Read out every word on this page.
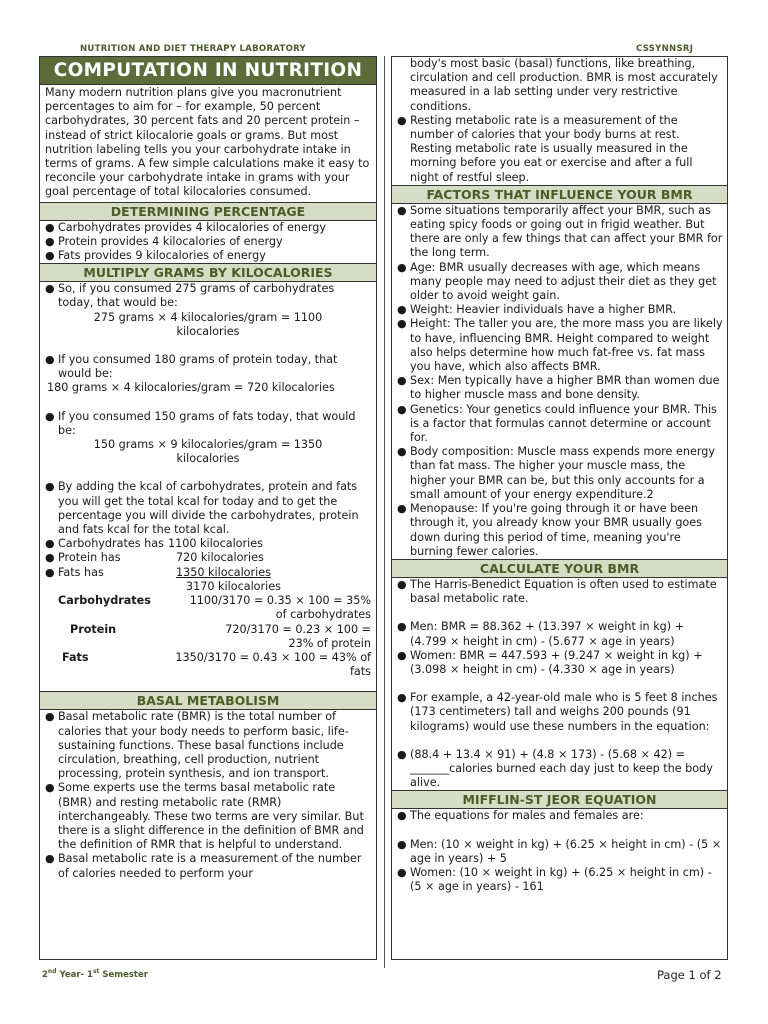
NUTRITION AND DIET THERAPY LABORATORY	CSSYNNSRJ
COMPUTATION IN NUTRITION

Many modern nutrition plans give you macronutrient percentages to aim for – for example, 50 percent carbohydrates, 30 percent fats and 20 percent protein – instead of strict kilocalorie goals or grams. But most nutrition labeling tells you your carbohydrate intake in terms of grams. A few simple calculations make it easy to reconcile your carbohydrate intake in grams with your goal percentage of total kilocalories consumed.

DETERMINING PERCENTAGE
● Carbohydrates provides 4 kilocalories of energy
● Protein provides 4 kilocalories of energy
● Fats provides 9 kilocalories of energy
MULTIPLY GRAMS BY KILOCALORIES
● So, if you consumed 275 grams of carbohydrates today, that would be:

275 grams × 4 kilocalories/gram = 1100 kilocalories

● If you consumed 180 grams of protein today, that would be:

180 grams × 4 kilocalories/gram = 720 kilocalories

● If you consumed 150 grams of fats today, that would be:

150 grams × 9 kilocalories/gram = 1350 kilocalories

● By adding the kcal of carbohydrates, protein and fats you will get the total kcal for today and to get the percentage you will divide the carbohydrates, protein and fats kcal for the total kcal.
● Carbohydrates has 1100 kilocalories
● Protein has	720 kilocalories
● Fats has	1350 kilocalories
3170 kilocalories
Carbohydrates	1100/3170 = 0.35 × 100 = 35% of carbohydrates
Protein	720/3170 = 0.23 × 100 = 23% of protein
Fats	1350/3170 = 0.43 × 100 = 43% of fats
BASAL METABOLISM
● Basal metabolic rate (BMR) is the total number of calories that your body needs to perform basic, life-sustaining functions. These basal functions include circulation, breathing, cell production, nutrient processing, protein synthesis, and ion transport.
● Some experts use the terms basal metabolic rate (BMR) and resting metabolic rate (RMR) interchangeably. These two terms are very similar. But there is a slight difference in the definition of BMR and the definition of RMR that is helpful to understand.
● Basal metabolic rate is a measurement of the number of calories needed to perform your

body's most basic (basal) functions, like breathing, circulation and cell production. BMR is most accurately measured in a lab setting under very restrictive conditions.

● Resting metabolic rate is a measurement of the number of calories that your body burns at rest. Resting metabolic rate is usually measured in the morning before you eat or exercise and after a full night of restful sleep.
FACTORS THAT INFLUENCE YOUR BMR
● Some situations temporarily affect your BMR, such as eating spicy foods or going out in frigid weather. But there are only a few things that can affect your BMR for the long term.
● Age: BMR usually decreases with age, which means many people may need to adjust their diet as they get older to avoid weight gain.
● Weight: Heavier individuals have a higher BMR.
● Height: The taller you are, the more mass you are likely to have, influencing BMR. Height compared to weight also helps determine how much fat-free vs. fat mass you have, which also affects BMR.
● Sex: Men typically have a higher BMR than women due to higher muscle mass and bone density.
● Genetics: Your genetics could influence your BMR. This is a factor that formulas cannot determine or account for.
● Body composition: Muscle mass expends more energy than fat mass. The higher your muscle mass, the higher your BMR can be, but this only accounts for a small amount of your energy expenditure.2
● Menopause: If you're going through it or have been through it, you already know your BMR usually goes down during this period of time, meaning you're burning fewer calories.
CALCULATE YOUR BMR
● The Harris-Benedict Equation is often used to estimate basal metabolic rate.
● Men: BMR = 88.362 + (13.397 × weight in kg) + (4.799 × height in cm) - (5.677 × age in years)
● Women: BMR = 447.593 + (9.247 × weight in kg) + (3.098 × height in cm) - (4.330 × age in years)
● For example, a 42-year-old male who is 5 feet 8 inches (173 centimeters) tall and weighs 200 pounds (91 kilograms) would use these numbers in the equation:
● (88.4 + 13.4 × 91) + (4.8 × 173) - (5.68 × 42) = _______calories burned each day just to keep the body alive.
MIFFLIN-ST JEOR EQUATION
● The equations for males and females are:
● Men: (10 × weight in kg) + (6.25 × height in cm) - (5 × age in years) + 5
● Women: (10 × weight in kg) + (6.25 × height in cm) - (5 × age in years) - 161
2nd Year- 1st Semester	Page 1 of 2
